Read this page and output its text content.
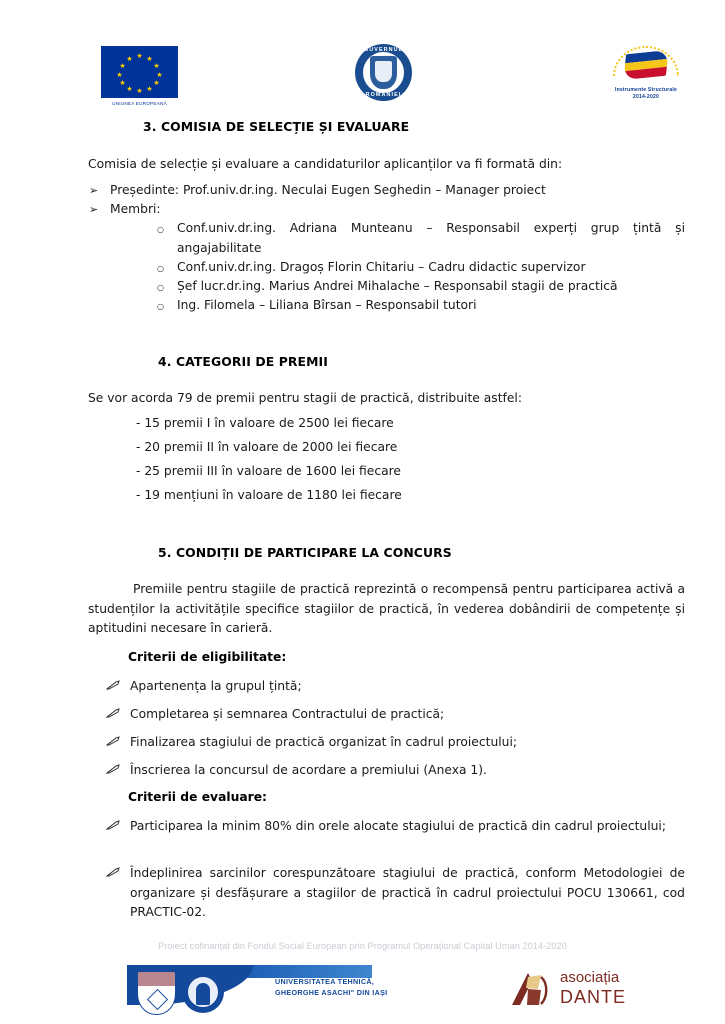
★ ★
★
★
★
★
★
★
★
★
★
★
UNIUNEA EUROPEANĂ
GUVERNUL
ROMÂNIEI
Instrumente Structurale
2014-2020
3. COMISIA DE SELECȚIE ȘI EVALUARE
Comisia de selecție și evaluare a candidaturilor aplicanților va fi formată din:
➢ Președinte: Prof.univ.dr.ing. Neculai Eugen Seghedin – Manager proiect
➢ Membri:
○ Conf.univ.dr.ing. Adriana Munteanu – Responsabil experți grup țintă și angajabilitate
○ Conf.univ.dr.ing. Dragoș Florin Chitariu – Cadru didactic supervizor
○ Șef lucr.dr.ing. Marius Andrei Mihalache – Responsabil stagii de practică
○ Ing. Filomela – Liliana Bîrsan – Responsabil tutori
4. CATEGORII DE PREMII
Se vor acorda 79 de premii pentru stagii de practică, distribuite astfel:
- 15 premii I în valoare de 2500 lei fiecare
- 20 premii II în valoare de 2000 lei fiecare
- 25 premii III în valoare de 1600 lei fiecare
- 19 mențiuni în valoare de 1180 lei fiecare
5. CONDIȚII DE PARTICIPARE LA CONCURS
Premiile pentru stagiile de practică reprezintă o recompensă pentru participarea activă a studenților la activitățile specifice stagiilor de practică, în vederea dobândirii de competențe și aptitudini necesare în carieră.
Criterii de eligibilitate:
Apartenența la grupul țintă;
Completarea și semnarea Contractului de practică;
Finalizarea stagiului de practică organizat în cadrul proiectului;
Înscrierea la concursul de acordare a premiului (Anexa 1).
Criterii de evaluare:
Participarea la minim 80% din orele alocate stagiului de practică din cadrul proiectului;
Îndeplinirea sarcinilor corespunzătoare stagiului de practică, conform Metodologiei de organizare și desfășurare a stagiilor de practică în cadrul proiectului POCU 130661, cod PRACTIC-02.
Proiect cofinanțat din Fondul Social European prin Programul Operațional Capital Uman 2014-2020
UNIVERSITATEA TEHNICĂ,
GHEORGHE ASACHI" DIN IAȘI
asociația
DANTE
